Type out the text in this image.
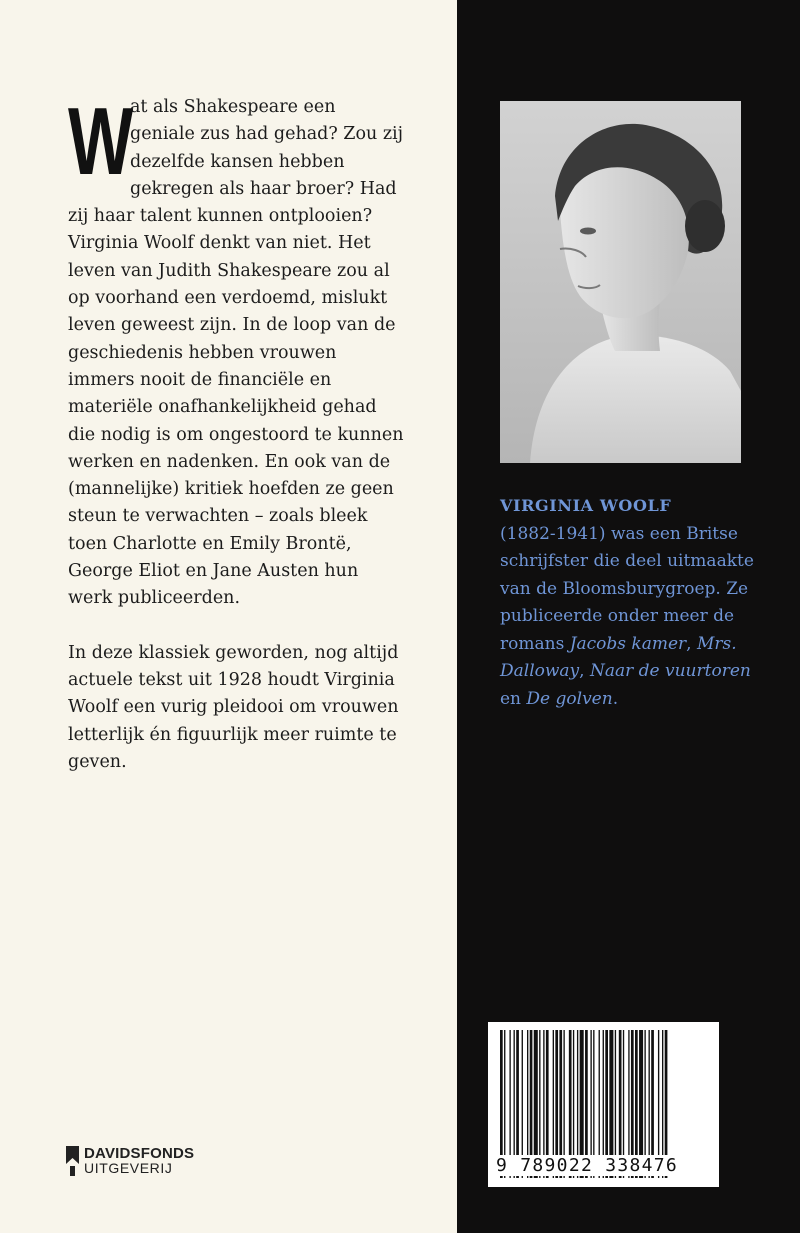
W
at als Shakespeare een geniale zus had gehad? Zou zij dezelfde kansen hebben gekregen als haar broer? Had zij haar talent kunnen ontplooien? Virginia Woolf denkt van niet. Het leven van Judith Shakespeare zou al op voorhand een verdoemd, mislukt leven geweest zijn. In de loop van de geschiedenis hebben vrouwen immers nooit de financiële en materiële onafhankelijkheid gehad die nodig is om ongestoord te kunnen werken en nadenken. En ook van de (mannelijke) kritiek hoefden ze geen steun te verwachten – zoals bleek toen Charlotte en Emily Brontë, George Eliot en Jane Austen hun werk publiceerden.

In deze klassiek geworden, nog altijd actuele tekst uit 1928 houdt Virginia Woolf een vurig pleidooi om vrouwen letterlijk én figuurlijk meer ruimte te geven.

DAVIDSFONDS
UITGEVERIJ

VIRGINIA WOOLF
(1882-1941) was een Britse schrijfster die deel uitmaakte van de Bloomsburygroep. Ze publiceerde onder meer de romans Jacobs kamer, Mrs. Dalloway, Naar de vuurtoren en De golven.

9 789022 338476
